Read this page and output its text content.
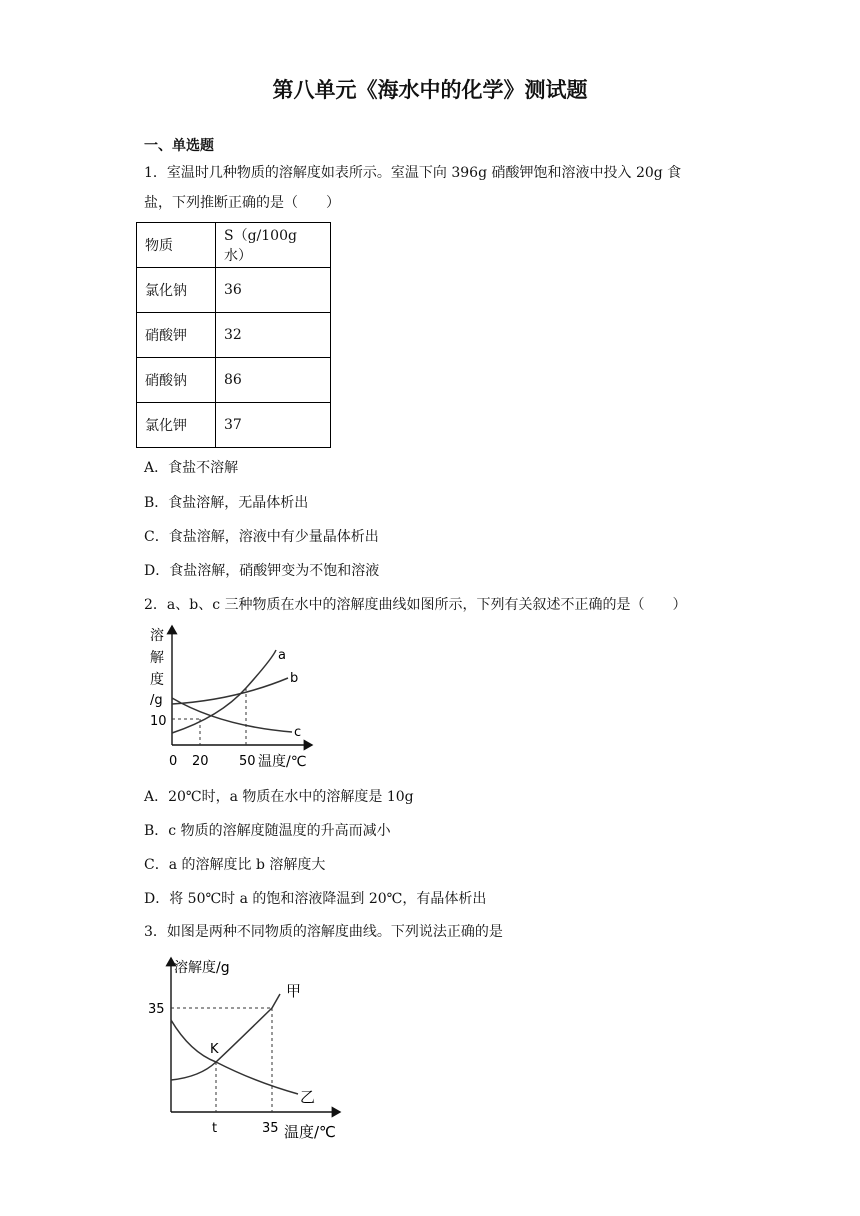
第八单元《海水中的化学》测试题
一、单选题
1．室温时几种物质的溶解度如表所示。室温下向 396g 硝酸钾饱和溶液中投入 20g 食
盐，下列推断正确的是（　　）
物质	S（g/100g 水）
氯化钠	36
硝酸钾	32
硝酸钠	86
氯化钾	37
A．食盐不溶解
B．食盐溶解，无晶体析出
C．食盐溶解，溶液中有少量晶体析出
D．食盐溶解，硝酸钾变为不饱和溶液
2．a、b、c 三种物质在水中的溶解度曲线如图所示，下列有关叙述不正确的是（　　）
溶
解
度
/g
10
a
b
c
0 20 50 温度/℃
A．20℃时，a 物质在水中的溶解度是 10g
B．c 物质的溶解度随温度的升高而减小
C．a 的溶解度比 b 溶解度大
D．将 50℃时 a 的饱和溶液降温到 20℃，有晶体析出
3．如图是两种不同物质的溶解度曲线。下列说法正确的是
溶解度/g
35
K
甲
乙
t	35 温度/℃
